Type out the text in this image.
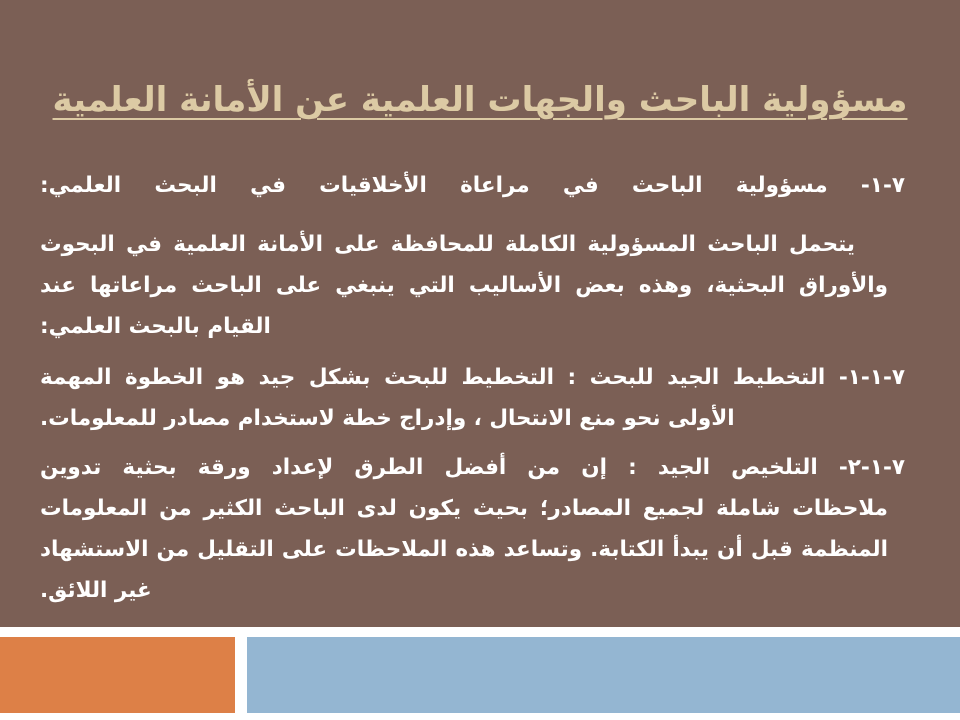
مسؤولية الباحث والجهات العلمية عن الأمانة العلمية
٧-١- مسؤولية الباحث في مراعاة الأخلاقيات في البحث العلمي:
يتحمل الباحث المسؤولية الكاملة للمحافظة على الأمانة العلمية في البحوث
والأوراق البحثية، وهذه بعض الأساليب التي ينبغي على الباحث مراعاتها عند
القيام بالبحث العلمي:
٧-١-١- التخطيط الجيد للبحث : التخطيط للبحث بشكل جيد هو الخطوة المهمة
الأولى نحو منع الانتحال ، وإدراج خطة لاستخدام مصادر للمعلومات.
٧-١-٢- التلخيص الجيد : إن من أفضل الطرق لإعداد ورقة بحثية تدوين
ملاحظات شاملة لجميع المصادر؛ بحيث يكون لدى الباحث الكثير من المعلومات
المنظمة قبل أن يبدأ الكتابة. وتساعد هذه الملاحظات على التقليل من الاستشهاد
غير اللائق.
